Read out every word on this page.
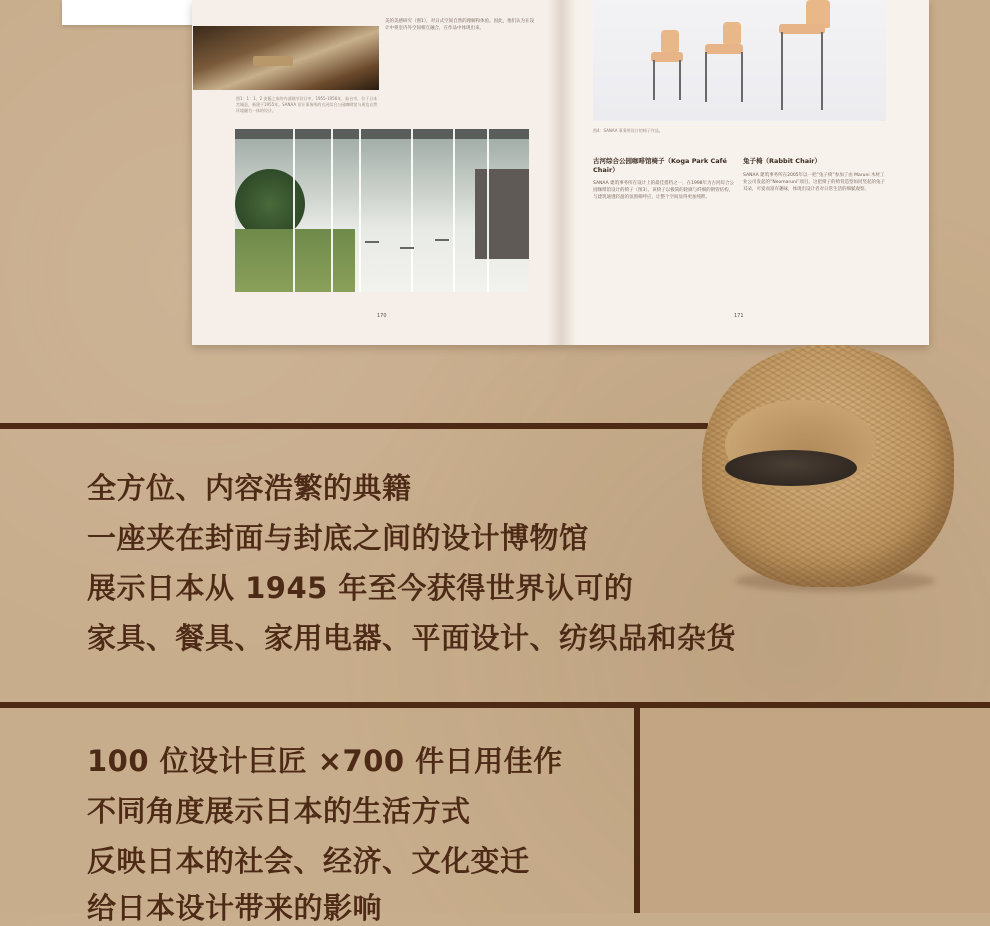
美的美感研究（图1），对日式空间自然的理解和体验。因此，他们认为在设计中将室内外空间相互融合，在作品中体现出来。
图1：1：1，2 安藤之家的内部细节设计中，1955-1956年，仙台市，位于日本宫城县，新建于1955年。SANAA 设计事务所的古河综合公园咖啡馆与周边自然环境融为一体的设计。
170
图4：SANAA 事务所设计的椅子作品。
古河综合公园咖啡馆椅子（Koga Park Café Chair）
SANAA 建筑事务所在设计上的最佳搭档之一，在1998年为古河综合公园咖啡馆设计的椅子（图3）。该椅子以极简的轮廓与纤细的钢管结构，与建筑通透轻盈的氛围相呼应，让整个空间显得更加纯粹。
兔子椅（Rabbit Chair）
SANAA 建筑事务所在2005年以一把“兔子椅”参加了由 Maruni 木材工业公司发起的“Neomaruni”项目。这把椅子的椅背造型如同竖起的兔子耳朵，可爱而富有趣味，体现出设计者对日常生活的细腻观察。
171
全方位、内容浩繁的典籍
一座夹在封面与封底之间的设计博物馆
展示日本从 1945 年至今获得世界认可的
家具、餐具、家用电器、平面设计、纺织品和杂货
100 位设计巨匠 ×700 件日用佳作
不同角度展示日本的生活方式
反映日本的社会、经济、文化变迁
给日本设计带来的影响
